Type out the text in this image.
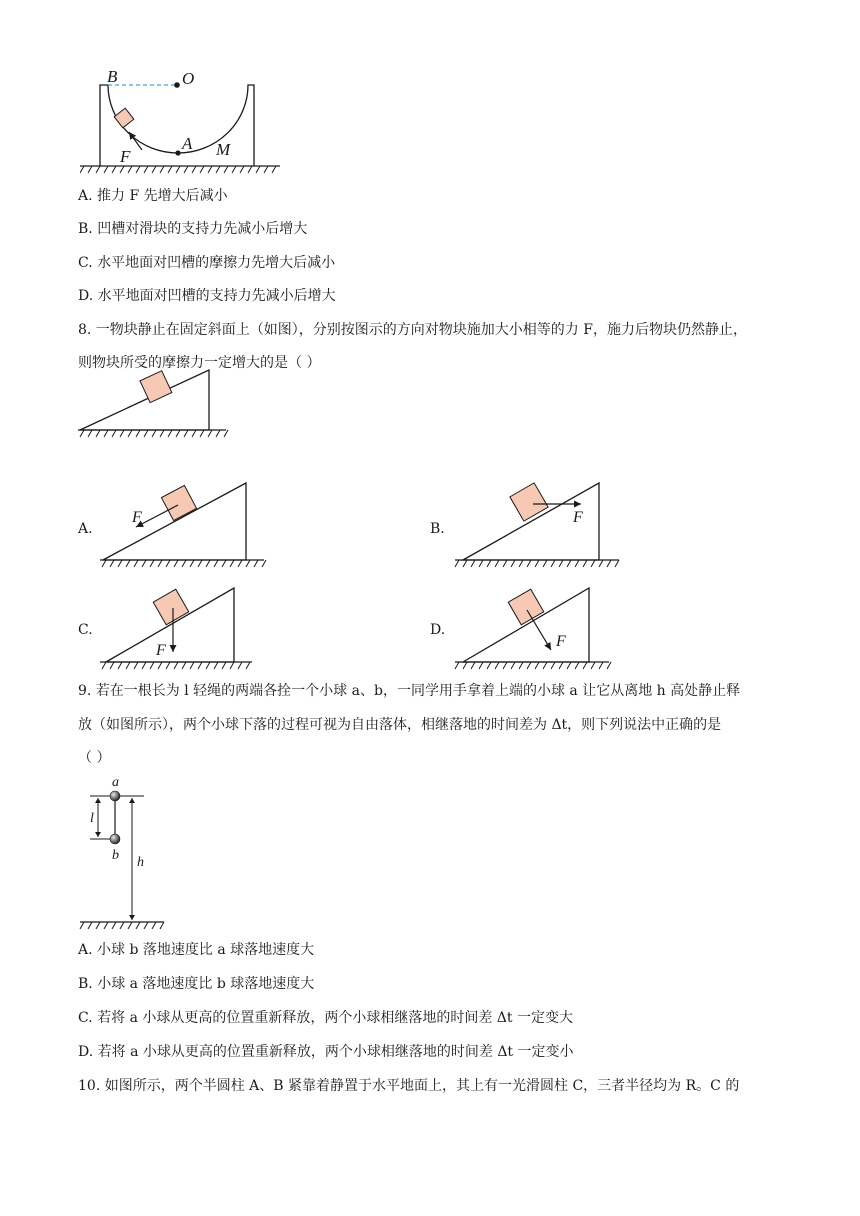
B	O
A
F	M
A. 推力 F 先增大后减小
B. 凹槽对滑块的支持力先减小后增大
C. 水平地面对凹槽的摩擦力先增大后减小
D. 水平地面对凹槽的支持力先减小后增大
8. 一物块静止在固定斜面上（如图），分别按图示的方向对物块施加大小相等的力 F，施力后物块仍然静止，
则物块所受的摩擦力一定增大的是（ ）
A.
F
B.
F
C.
F
D.
F
9. 若在一根长为 l 轻绳的两端各拴一个小球 a、b，一同学用手拿着上端的小球 a 让它从离地 h 高处静止释
放（如图所示），两个小球下落的过程可视为自由落体，相继落地的时间差为 Δt，则下列说法中正确的是
（ ）
a
b
l
h
A. 小球 b 落地速度比 a 球落地速度大
B. 小球 a 落地速度比 b 球落地速度大
C. 若将 a 小球从更高的位置重新释放，两个小球相继落地的时间差 Δt 一定变大
D. 若将 a 小球从更高的位置重新释放，两个小球相继落地的时间差 Δt 一定变小
10. 如图所示，两个半圆柱 A、B 紧靠着静置于水平地面上，其上有一光滑圆柱 C，三者半径均为 R。C 的
